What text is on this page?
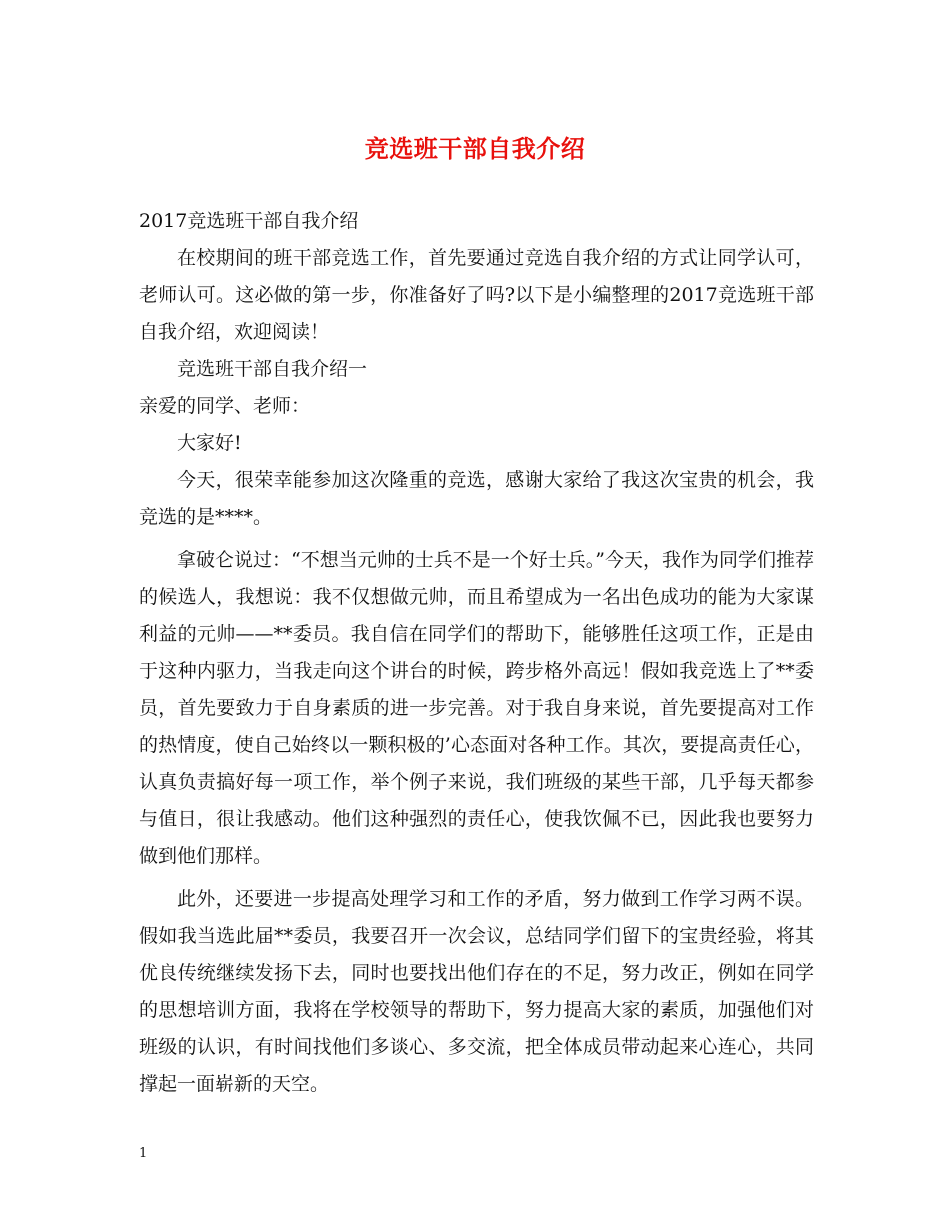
竞选班干部自我介绍

2017竞选班干部自我介绍

在校期间的班干部竞选工作，首先要通过竞选自我介绍的方式让同学认可，老师认可。这必做的第一步，你准备好了吗?以下是小编整理的2017竞选班干部自我介绍，欢迎阅读！

竞选班干部自我介绍一

亲爱的同学、老师：

大家好!

今天，很荣幸能参加这次隆重的竞选，感谢大家给了我这次宝贵的机会，我竞选的是****。

拿破仑说过：“不想当元帅的士兵不是一个好士兵。”今天，我作为同学们推荐的候选人，我想说：我不仅想做元帅，而且希望成为一名出色成功的能为大家谋利益的元帅——**委员。我自信在同学们的帮助下，能够胜任这项工作，正是由于这种内驱力，当我走向这个讲台的时候，跨步格外高远！假如我竞选上了**委员，首先要致力于自身素质的进一步完善。对于我自身来说，首先要提高对工作的热情度，使自己始终以一颗积极的’心态面对各种工作。其次，要提高责任心，认真负责搞好每一项工作，举个例子来说，我们班级的某些干部，几乎每天都参与值日，很让我感动。他们这种强烈的责任心，使我饮佩不已，因此我也要努力做到他们那样。

此外，还要进一步提高处理学习和工作的矛盾，努力做到工作学习两不误。 假如我当选此届**委员，我要召开一次会议，总结同学们留下的宝贵经验，将其优良传统继续发扬下去，同时也要找出他们存在的不足，努力改正，例如在同学的思想培训方面，我将在学校领导的帮助下，努力提高大家的素质，加强他们对班级的认识，有时间找他们多谈心、多交流，把全体成员带动起来心连心，共同撑起一面崭新的天空。

1
